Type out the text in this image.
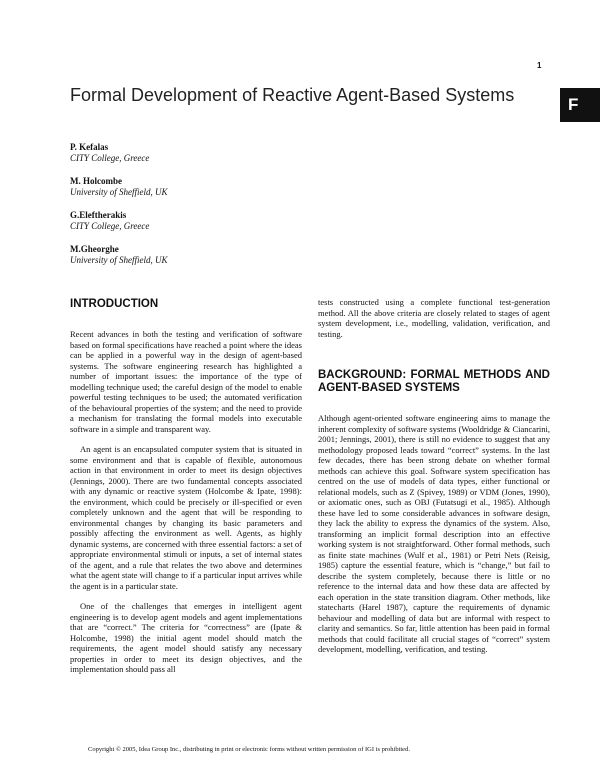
1
F
Formal Development of Reactive Agent-Based Systems
P. Kefalas
CITY College, Greece
M. Holcombe
University of Sheffield, UK
G.Eleftherakis
CITY College, Greece
M.Gheorghe
University of Sheffield, UK
INTRODUCTION

Recent advances in both the testing and verification of software based on formal specifications have reached a point where the ideas can be applied in a powerful way in the design of agent-based systems. The software engineering research has highlighted a number of important issues: the importance of the type of modelling technique used; the careful design of the model to enable powerful testing techniques to be used; the automated verification of the behavioural properties of the system; and the need to provide a mechanism for translating the formal models into executable software in a simple and transparent way.

An agent is an encapsulated computer system that is situated in some environment and that is capable of flexible, autonomous action in that environment in order to meet its design objectives (Jennings, 2000). There are two fundamental concepts associated with any dynamic or reactive system (Holcombe & Ipate, 1998): the environment, which could be precisely or ill-specified or even completely unknown and the agent that will be responding to environmental changes by changing its basic parameters and possibly affecting the environment as well. Agents, as highly dynamic systems, are concerned with three essential factors: a set of appropriate environmental stimuli or inputs, a set of internal states of the agent, and a rule that relates the two above and determines what the agent state will change to if a particular input arrives while the agent is in a particular state.

One of the challenges that emerges in intelligent agent engineering is to develop agent models and agent implementations that are “correct.” The criteria for “correctness” are (Ipate & Holcombe, 1998) the initial agent model should match the requirements, the agent model should satisfy any necessary properties in order to meet its design objectives, and the implementation should pass all

tests constructed using a complete functional test-generation method. All the above criteria are closely related to stages of agent system development, i.e., modelling, validation, verification, and testing.

BACKGROUND: FORMAL METHODS AND AGENT-BASED SYSTEMS

Although agent-oriented software engineering aims to manage the inherent complexity of software systems (Wooldridge & Ciancarini, 2001; Jennings, 2001), there is still no evidence to suggest that any methodology proposed leads toward “correct” systems. In the last few decades, there has been strong debate on whether formal methods can achieve this goal. Software system specification has centred on the use of models of data types, either functional or relational models, such as Z (Spivey, 1989) or VDM (Jones, 1990), or axiomatic ones, such as OBJ (Futatsugi et al., 1985). Although these have led to some considerable advances in software design, they lack the ability to express the dynamics of the system. Also, transforming an implicit formal description into an effective working system is not straightforward. Other formal methods, such as finite state machines (Wulf et al., 1981) or Petri Nets (Reisig, 1985) capture the essential feature, which is “change,” but fail to describe the system completely, because there is little or no reference to the internal data and how these data are affected by each operation in the state transition diagram. Other methods, like statecharts (Harel 1987), capture the requirements of dynamic behaviour and modelling of data but are informal with respect to clarity and semantics. So far, little attention has been paid in formal methods that could facilitate all crucial stages of “correct” system development, modelling, verification, and testing.

Copyright © 2005, Idea Group Inc., distributing in print or electronic forms without written permission of IGI is prohibited.
